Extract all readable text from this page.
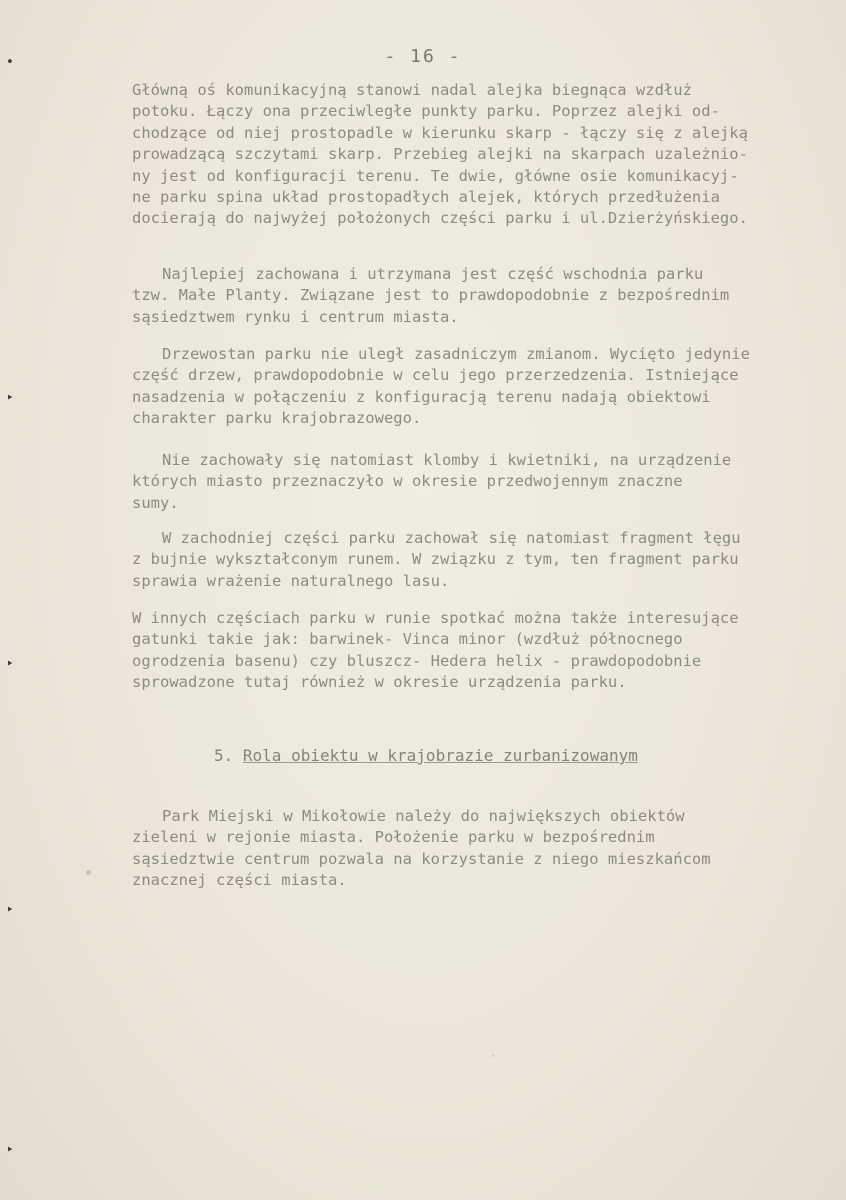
- 16 -
Główną oś komunikacyjną stanowi nadal alejka biegnąca wzdłuż
potoku. Łączy ona przeciwległe punkty parku. Poprzez alejki od-
chodzące od niej prostopadle w kierunku skarp - łączy się z alejką
prowadzącą szczytami skarp. Przebieg alejki na skarpach uzależnio-
ny jest od konfiguracji terenu. Te dwie, główne osie komunikacyj-
ne parku spina układ prostopadłych alejek, których przedłużenia
docierają do najwyżej położonych części parku i ul.Dzierżyńskiego.
Najlepiej zachowana i utrzymana jest część wschodnia parku
tzw. Małe Planty. Związane jest to prawdopodobnie z bezpośrednim
sąsiedztwem rynku i centrum miasta.
Drzewostan parku nie uległ zasadniczym zmianom. Wycięto jedynie
część drzew, prawdopodobnie w celu jego przerzedzenia. Istniejące
nasadzenia w połączeniu z konfiguracją terenu nadają obiektowi
charakter parku krajobrazowego.
Nie zachowały się natomiast klomby i kwietniki, na urządzenie
których miasto przeznaczyło w okresie przedwojennym znaczne
sumy.
W zachodniej części parku zachował się natomiast fragment łęgu
z bujnie wykształconym runem. W związku z tym, ten fragment parku
sprawia wrażenie naturalnego lasu.
W innych częściach parku w runie spotkać można także interesujące
gatunki takie jak: barwinek- Vinca minor (wzdłuż północnego
ogrodzenia basenu) czy bluszcz- Hedera helix - prawdopodobnie
sprowadzone tutaj również w okresie urządzenia parku.
5. Rola obiektu w krajobrazie zurbanizowanym
Park Miejski w Mikołowie należy do największych obiektów
zieleni w rejonie miasta. Położenie parku w bezpośrednim
sąsiedztwie centrum pozwala na korzystanie z niego mieszkańcom
znacznej części miasta.
•
‣
‣
‣
‣
